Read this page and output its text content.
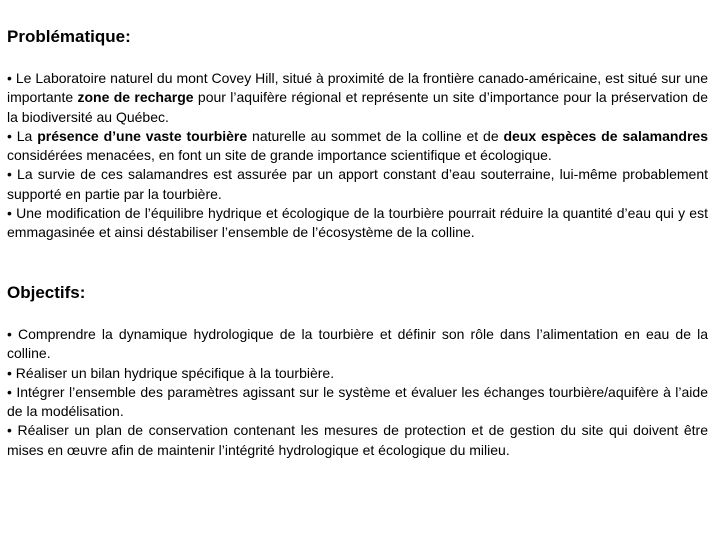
Problématique:

• Le Laboratoire naturel du mont Covey Hill, situé à proximité de la frontière canado-américaine, est situé sur une importante zone de recharge pour l’aquifère régional et représente un site d’importance pour la préservation de la biodiversité au Québec.

• La présence d’une vaste tourbière naturelle au sommet de la colline et de deux espèces de salamandres considérées menacées, en font un site de grande importance scientifique et écologique.

• La survie de ces salamandres est assurée par un apport constant d’eau souterraine, lui-même probablement supporté en partie par la tourbière.

• Une modification de l’équilibre hydrique et écologique de la tourbière pourrait réduire la quantité d’eau qui y est emmagasinée et ainsi déstabiliser l’ensemble de l’écosystème de la colline.

Objectifs:

• Comprendre la dynamique hydrologique de la tourbière et définir son rôle dans l’alimentation en eau de la colline.

• Réaliser un bilan hydrique spécifique à la tourbière.

• Intégrer l’ensemble des paramètres agissant sur le système et évaluer les échanges tourbière/aquifère à l’aide de la modélisation.

• Réaliser un plan de conservation contenant les mesures de protection et de gestion du site qui doivent être mises en œuvre afin de maintenir l’intégrité hydrologique et écologique du milieu.
